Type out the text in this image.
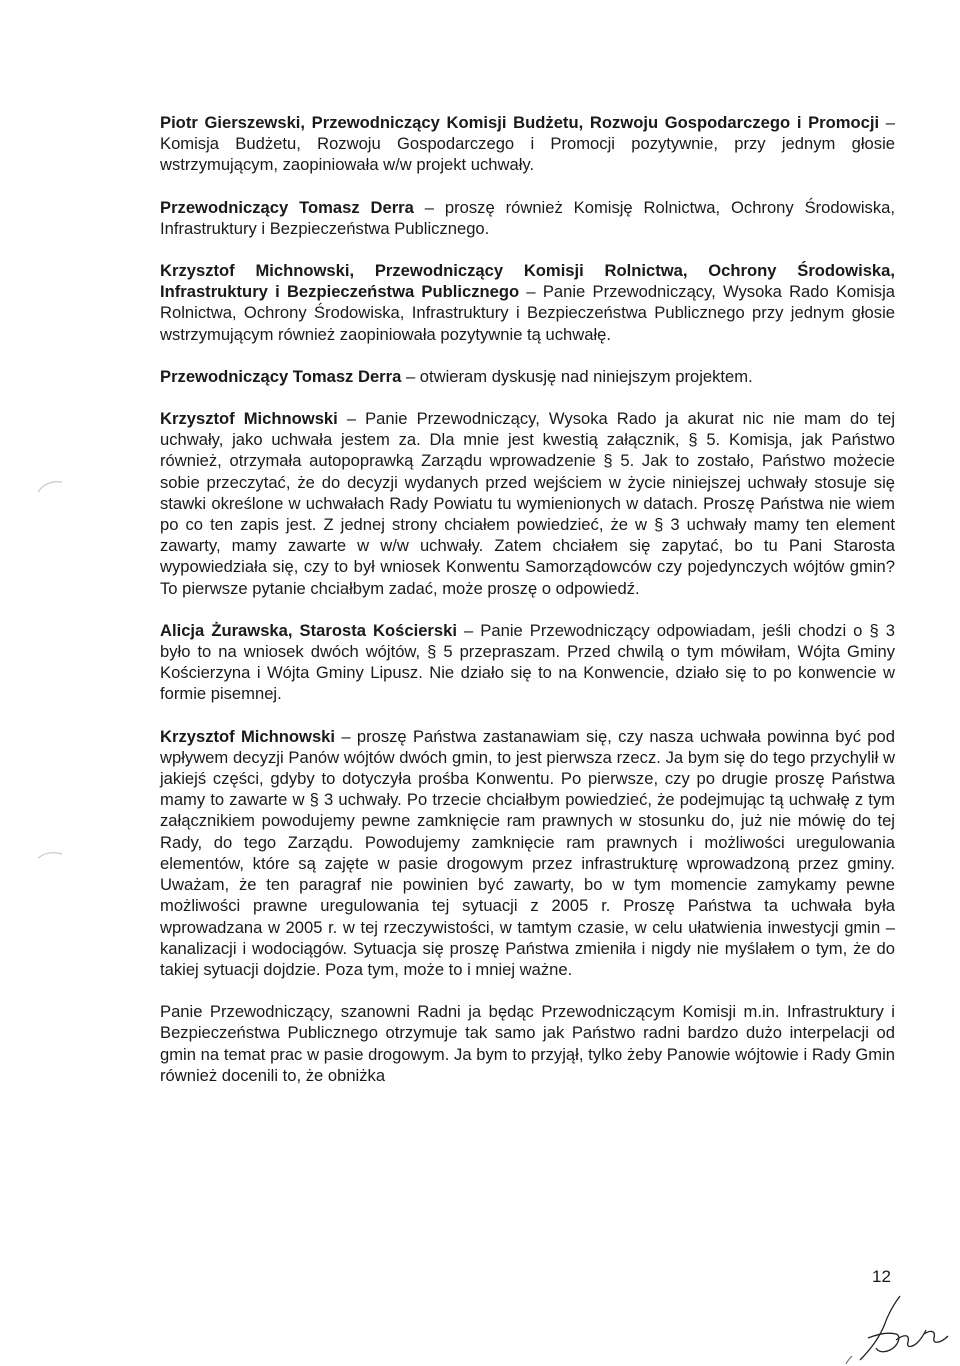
Piotr Gierszewski, Przewodniczący Komisji Budżetu, Rozwoju Gospodarczego i Promocji – Komisja Budżetu, Rozwoju Gospodarczego i Promocji pozytywnie, przy jednym głosie wstrzymującym, zaopiniowała w/w projekt uchwały.

Przewodniczący Tomasz Derra – proszę również Komisję Rolnictwa, Ochrony Środowiska, Infrastruktury i Bezpieczeństwa Publicznego.

Krzysztof Michnowski, Przewodniczący Komisji Rolnictwa, Ochrony Środowiska, Infrastruktury i Bezpieczeństwa Publicznego – Panie Przewodniczący, Wysoka Rado Komisja Rolnictwa, Ochrony Środowiska, Infrastruktury i Bezpieczeństwa Publicznego przy jednym głosie wstrzymującym również zaopiniowała pozytywnie tą uchwałę.

Przewodniczący Tomasz Derra – otwieram dyskusję nad niniejszym projektem.

Krzysztof Michnowski – Panie Przewodniczący, Wysoka Rado ja akurat nic nie mam do tej uchwały, jako uchwała jestem za. Dla mnie jest kwestią załącznik, § 5. Komisja, jak Państwo również, otrzymała autopoprawką Zarządu wprowadzenie § 5. Jak to zostało, Państwo możecie sobie przeczytać, że do decyzji wydanych przed wejściem w życie niniejszej uchwały stosuje się stawki określone w uchwałach Rady Powiatu tu wymienionych w datach. Proszę Państwa nie wiem po co ten zapis jest. Z jednej strony chciałem powiedzieć, że w § 3 uchwały mamy ten element zawarty, mamy zawarte w w/w uchwały. Zatem chciałem się zapytać, bo tu Pani Starosta wypowiedziała się, czy to był wniosek Konwentu Samorządowców czy pojedynczych wójtów gmin? To pierwsze pytanie chciałbym zadać, może proszę o odpowiedź.

Alicja Żurawska, Starosta Kościerski – Panie Przewodniczący odpowiadam, jeśli chodzi o § 3 było to na wniosek dwóch wójtów, § 5 przepraszam. Przed chwilą o tym mówiłam, Wójta Gminy Kościerzyna i Wójta Gminy Lipusz. Nie działo się to na Konwencie, działo się to po konwencie w formie pisemnej.

Krzysztof Michnowski – proszę Państwa zastanawiam się, czy nasza uchwała powinna być pod wpływem decyzji Panów wójtów dwóch gmin, to jest pierwsza rzecz. Ja bym się do tego przychylił w jakiejś części, gdyby to dotyczyła prośba Konwentu. Po pierwsze, czy po drugie proszę Państwa mamy to zawarte w § 3 uchwały. Po trzecie chciałbym powiedzieć, że podejmując tą uchwałę z tym załącznikiem powodujemy pewne zamknięcie ram prawnych w stosunku do, już nie mówię do tej Rady, do tego Zarządu. Powodujemy zamknięcie ram prawnych i możliwości uregulowania elementów, które są zajęte w pasie drogowym przez infrastrukturę wprowadzoną przez gminy. Uważam, że ten paragraf nie powinien być zawarty, bo w tym momencie zamykamy pewne możliwości prawne uregulowania tej sytuacji z 2005 r. Proszę Państwa ta uchwała była wprowadzana w 2005 r. w tej rzeczywistości, w tamtym czasie, w celu ułatwienia inwestycji gmin – kanalizacji i wodociągów. Sytuacja się proszę Państwa zmieniła i nigdy nie myślałem o tym, że do takiej sytuacji dojdzie. Poza tym, może to i mniej ważne.

Panie Przewodniczący, szanowni Radni ja będąc Przewodniczącym Komisji m.in. Infrastruktury i Bezpieczeństwa Publicznego otrzymuje tak samo jak Państwo radni bardzo dużo interpelacji od gmin na temat prac w pasie drogowym. Ja bym to przyjął, tylko żeby Panowie wójtowie i Rady Gmin również docenili to, że obniżka

12
